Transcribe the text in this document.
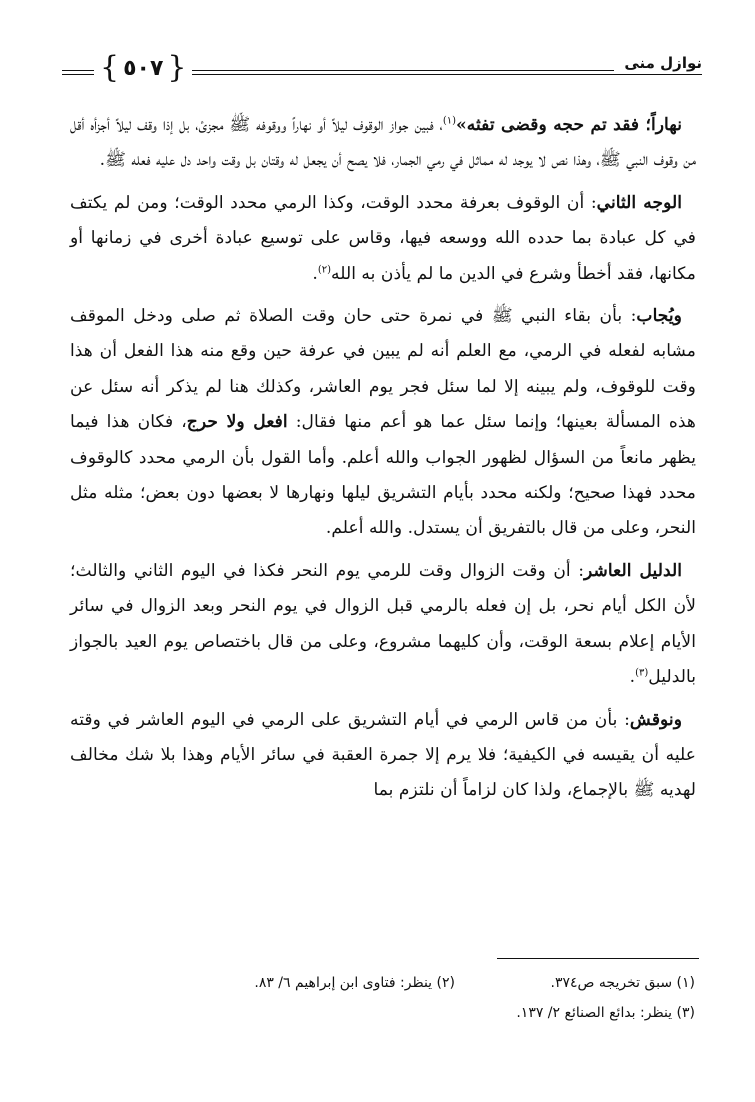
نوازل منى
{ ٥٠٧ }

نهاراً؛ فقد تم حجه وقضى تفثه»$^{(١)}$، فبين جواز الوقوف ليلاً أو نهاراً ووقوفه ﷺ مجزئ، بل إذا وقف ليلاً أجزأه أقل من وقوف النبي ﷺ، وهذا نص لا يوجد له مماثل في رمي الجمار، فلا يصح أن يجعل له وقتان بل وقت واحد دل عليه فعله ﷺ.

الوجه الثاني: أن الوقوف بعرفة محدد الوقت، وكذا الرمي محدد الوقت؛ ومن لم يكتف في كل عبادة بما حدده الله ووسعه فيها، وقاس على توسيع عبادة أخرى في زمانها أو مكانها، فقد أخطأ وشرع في الدين ما لم يأذن به الله$^{(٢)}$.

ويُجاب: بأن بقاء النبي ﷺ في نمرة حتى حان وقت الصلاة ثم صلى ودخل الموقف مشابه لفعله في الرمي، مع العلم أنه لم يبين في عرفة حين وقع منه هذا الفعل أن هذا وقت للوقوف، ولم يبينه إلا لما سئل فجر يوم العاشر، وكذلك هنا لم يذكر أنه سئل عن هذه المسألة بعينها؛ وإنما سئل عما هو أعم منها فقال: افعل ولا حرج، فكان هذا فيما يظهر مانعاً من السؤال لظهور الجواب والله أعلم. وأما القول بأن الرمي محدد كالوقوف محدد فهذا صحيح؛ ولكنه محدد بأيام التشريق ليلها ونهارها لا بعضها دون بعض؛ مثله مثل النحر، وعلى من قال بالتفريق أن يستدل. والله أعلم.

الدليل العاشر: أن وقت الزوال وقت للرمي يوم النحر فكذا في اليوم الثاني والثالث؛ لأن الكل أيام نحر، بل إن فعله بالرمي قبل الزوال في يوم النحر وبعد الزوال في سائر الأيام إعلام بسعة الوقت، وأن كليهما مشروع، وعلى من قال باختصاص يوم العيد بالجواز بالدليل$^{(٣)}$.

ونوقش: بأن من قاس الرمي في أيام التشريق على الرمي في اليوم العاشر في وقته عليه أن يقيسه في الكيفية؛ فلا يرم إلا جمرة العقبة في سائر الأيام وهذا بلا شك مخالف لهديه ﷺ بالإجماع، ولذا كان لزاماً أن نلتزم بما

(١) سبق تخريجه ص٣٧٤.
(٢) ينظر: فتاوى ابن إبراهيم ٦/ ٨٣.
(٣) ينظر: بدائع الصنائع ٢/ ١٣٧.
